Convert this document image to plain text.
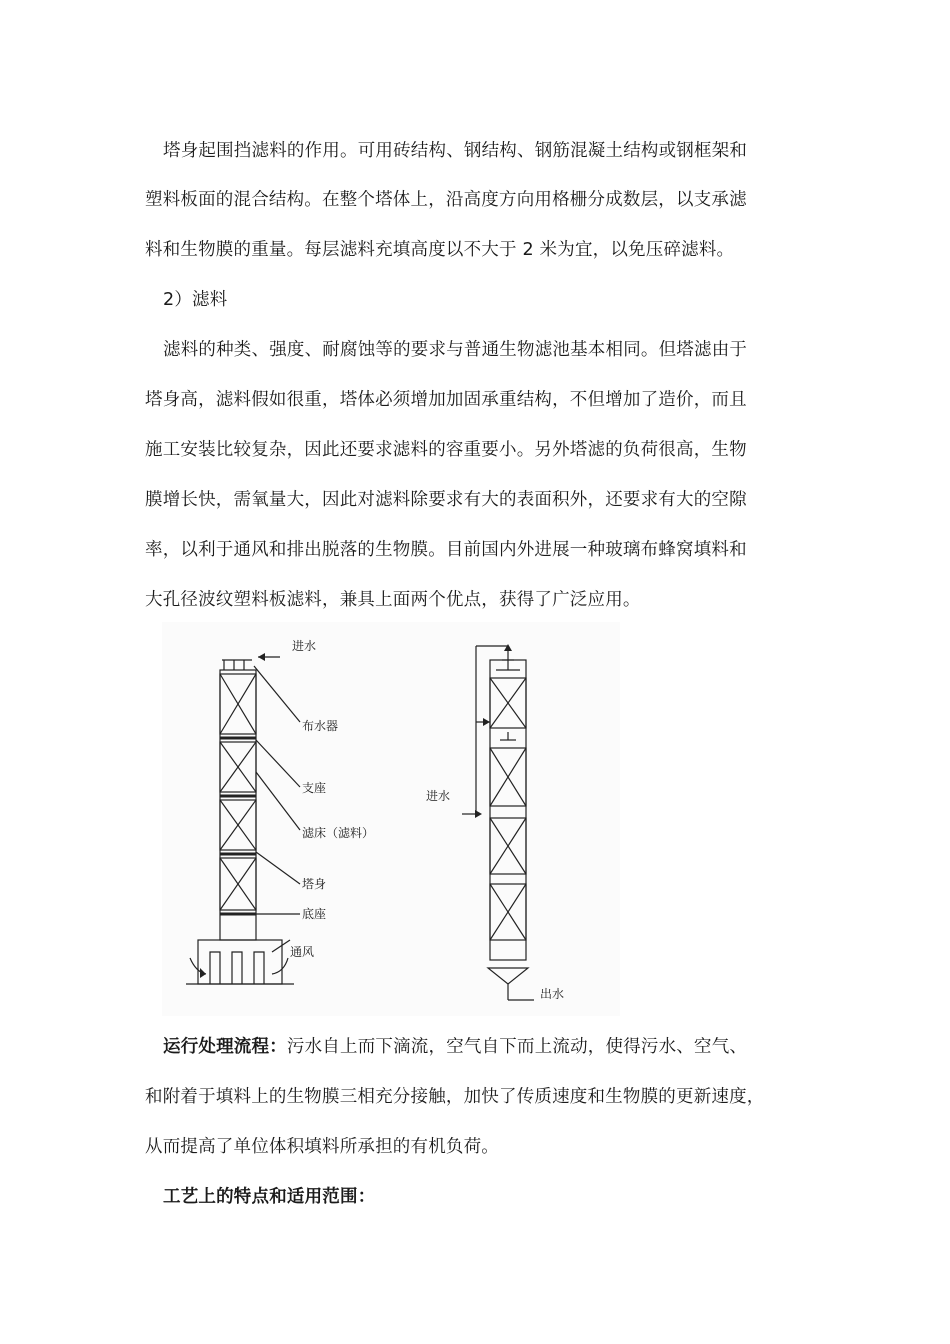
塔身起围挡滤料的作用。可用砖结构、钢结构、钢筋混凝土结构或钢框架和
塑料板面的混合结构。在整个塔体上，沿高度方向用格栅分成数层，以支承滤
料和生物膜的重量。每层滤料充填高度以不大于 2 米为宜，以免压碎滤料。
2）滤料
滤料的种类、强度、耐腐蚀等的要求与普通生物滤池基本相同。但塔滤由于
塔身高，滤料假如很重，塔体必须增加加固承重结构，不但增加了造价，而且
施工安装比较复杂，因此还要求滤料的容重要小。另外塔滤的负荷很高，生物
膜增长快，需氧量大，因此对滤料除要求有大的表面积外，还要求有大的空隙
率，以利于通风和排出脱落的生物膜。目前国内外进展一种玻璃布蜂窝填料和
大孔径波纹塑料板滤料，兼具上面两个优点，获得了广泛应用。
进水
布水器
支座
滤床（滤料）
塔身
底座
通风
进水
出水
运行处理流程：污水自上而下滴流，空气自下而上流动，使得污水、空气、
和附着于填料上的生物膜三相充分接触，加快了传质速度和生物膜的更新速度，
从而提高了单位体积填料所承担的有机负荷。
工艺上的特点和适用范围：
